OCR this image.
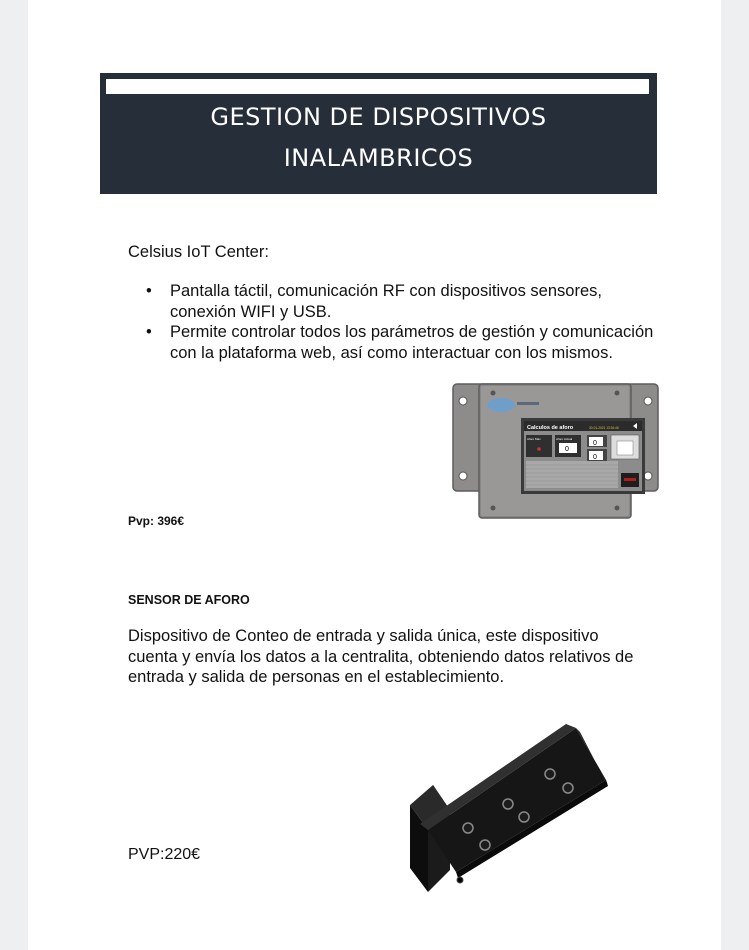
GESTION DE DISPOSITIVOS
INALAMBRICOS
Celsius IoT Center:
• Pantalla táctil, comunicación RF con dispositivos sensores, conexión WIFI y USB.
• Permite controlar todos los parámetros de gestión y comunicación con la plataforma web, así como interactuar con los mismos.
Calculos de aforo	30-01-2021 13:34:46
Aforo Max	Aforo Actual
0
0
0
Pvp: 396€
SENSOR DE AFORO
Dispositivo de Conteo de entrada y salida única, este dispositivo cuenta y envía los datos a la centralita, obteniendo datos relativos de entrada y salida de personas en el establecimiento.
PVP:220€
